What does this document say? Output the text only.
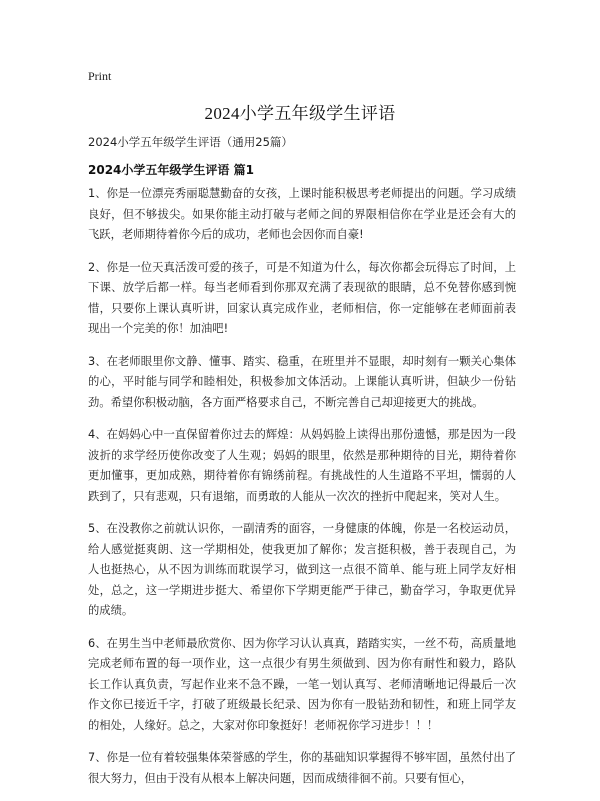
Print
2024小学五年级学生评语
2024小学五年级学生评语（通用25篇）
2024小学五年级学生评语 篇1

1、你是一位漂亮秀丽聪慧勤奋的女孩，上课时能积极思考老师提出的问题。学习成绩良好，但不够拔尖。如果你能主动打破与老师之间的界限相信你在学业是还会有大的飞跃，老师期待着你今后的成功，老师也会因你而自豪!

2、你是一位天真活泼可爱的孩子，可是不知道为什么，每次你都会玩得忘了时间，上下课、放学后都一样。每当老师看到你那双充满了表现欲的眼睛，总不免替你感到惋惜，只要你上课认真听讲，回家认真完成作业，老师相信，你一定能够在老师面前表现出一个完美的你！加油吧!

3、在老师眼里你文静、懂事、踏实、稳重，在班里并不显眼，却时刻有一颗关心集体的心，平时能与同学和睦相处，积极参加文体活动。上课能认真听讲，但缺少一份钻劲。希望你积极动脑，各方面严格要求自己，不断完善自己却迎接更大的挑战。

4、在妈妈心中一直保留着你过去的辉煌：从妈妈脸上读得出那份遗憾，那是因为一段波折的求学经历使你改变了人生观；妈妈的眼里，依然是那种期待的目光，期待着你更加懂事，更加成熟，期待着你有锦绣前程。有挑战性的人生道路不平坦，懦弱的人跌到了，只有悲观，只有退缩，而勇敢的人能从一次次的挫折中爬起来，笑对人生。

5、在没教你之前就认识你，一副清秀的面容，一身健康的体魄，你是一名校运动员，给人感觉挺爽朗、这一学期相处，使我更加了解你；发言挺积极，善于表现自己，为人也挺热心，从不因为训练而耽误学习，做到这一点很不简单、能与班上同学友好相处，总之，这一学期进步挺大、希望你下学期更能严于律己，勤奋学习，争取更优异的成绩。

6、在男生当中老师最欣赏你、因为你学习认认真真，踏踏实实，一丝不苟，高质量地完成老师布置的每一项作业，这一点很少有男生须做到、因为你有耐性和毅力，路队长工作认真负责，写起作业来不急不躁，一笔一划认真写、老师清晰地记得最后一次作文你已接近千字，打破了班级最长纪录、因为你有一股钻劲和韧性，和班上同学友的相处，人缘好。总之，大家对你印象挺好！老师祝你学习进步！！！

7、你是一位有着较强集体荣誉感的学生，你的基础知识掌握得不够牢固，虽然付出了很大努力，但由于没有从根本上解决问题，因而成绩徘徊不前。只要有恒心，
